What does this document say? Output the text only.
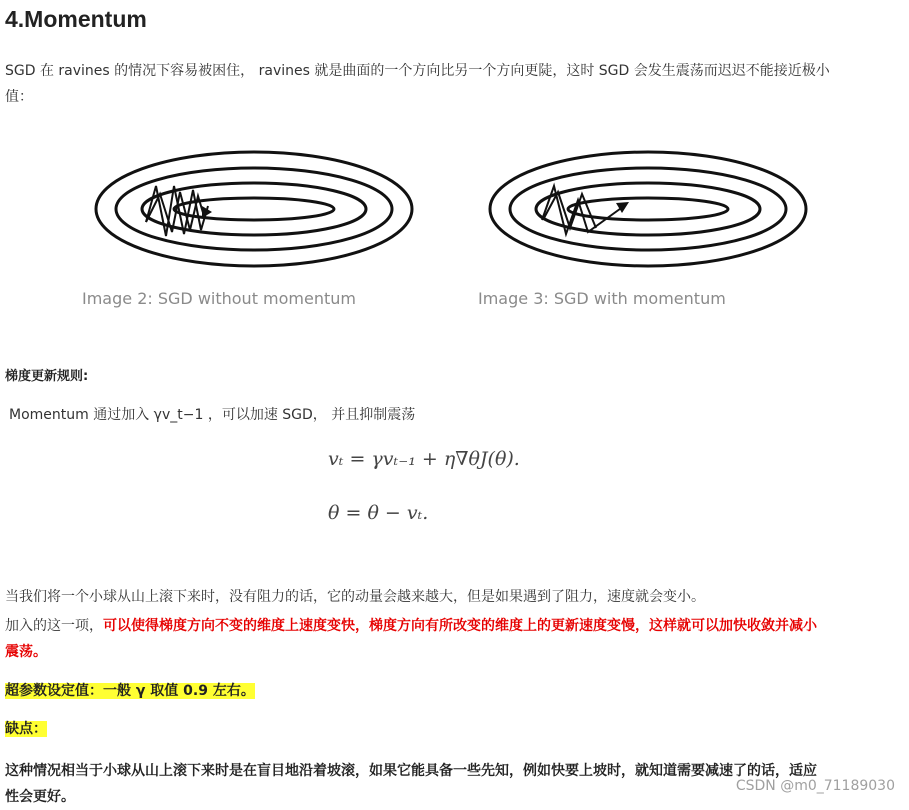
4.Momentum
SGD 在 ravines 的情况下容易被困住， ravines 就是曲面的一个方向比另一个方向更陡，这时 SGD 会发生震荡而迟迟不能接近极小
值：
Image 2: SGD without momentum	Image 3: SGD with momentum
梯度更新规则:
Momentum 通过加入 γv_t−1 ，可以加速 SGD， 并且抑制震荡
vₜ = γvₜ₋₁ + η∇θJ(θ).
θ = θ − vₜ.
当我们将一个小球从山上滚下来时，没有阻力的话，它的动量会越来越大，但是如果遇到了阻力，速度就会变小。
加入的这一项，可以使得梯度方向不变的维度上速度变快，梯度方向有所改变的维度上的更新速度变慢，这样就可以加快收敛并减小
震荡。
超参数设定值：一般 γ 取值 0.9 左右。
缺点：
这种情况相当于小球从山上滚下来时是在盲目地沿着坡滚，如果它能具备一些先知，例如快要上坡时，就知道需要减速了的话，适应
性会更好。
CSDN @m0_71189030
